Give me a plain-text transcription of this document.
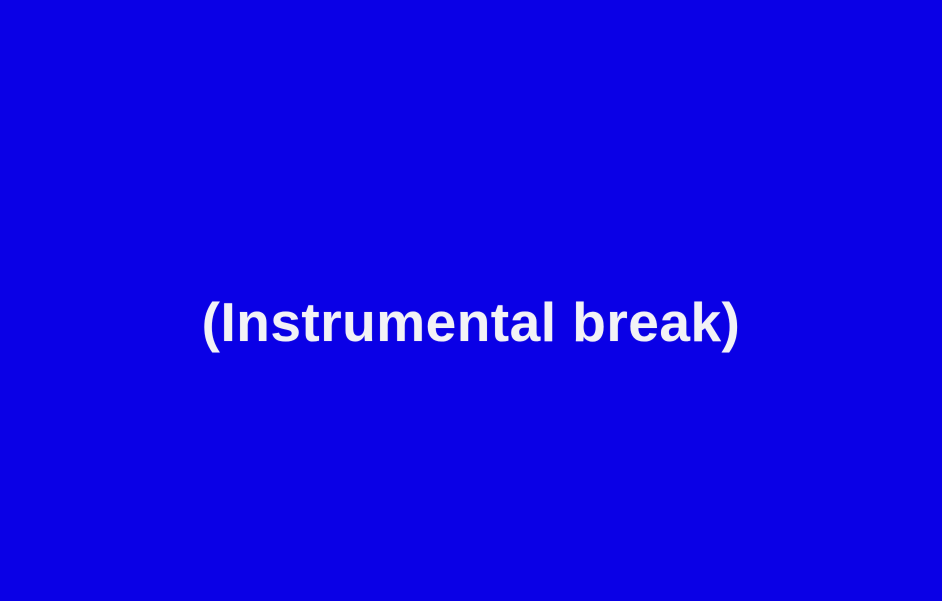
(Instrumental break)
